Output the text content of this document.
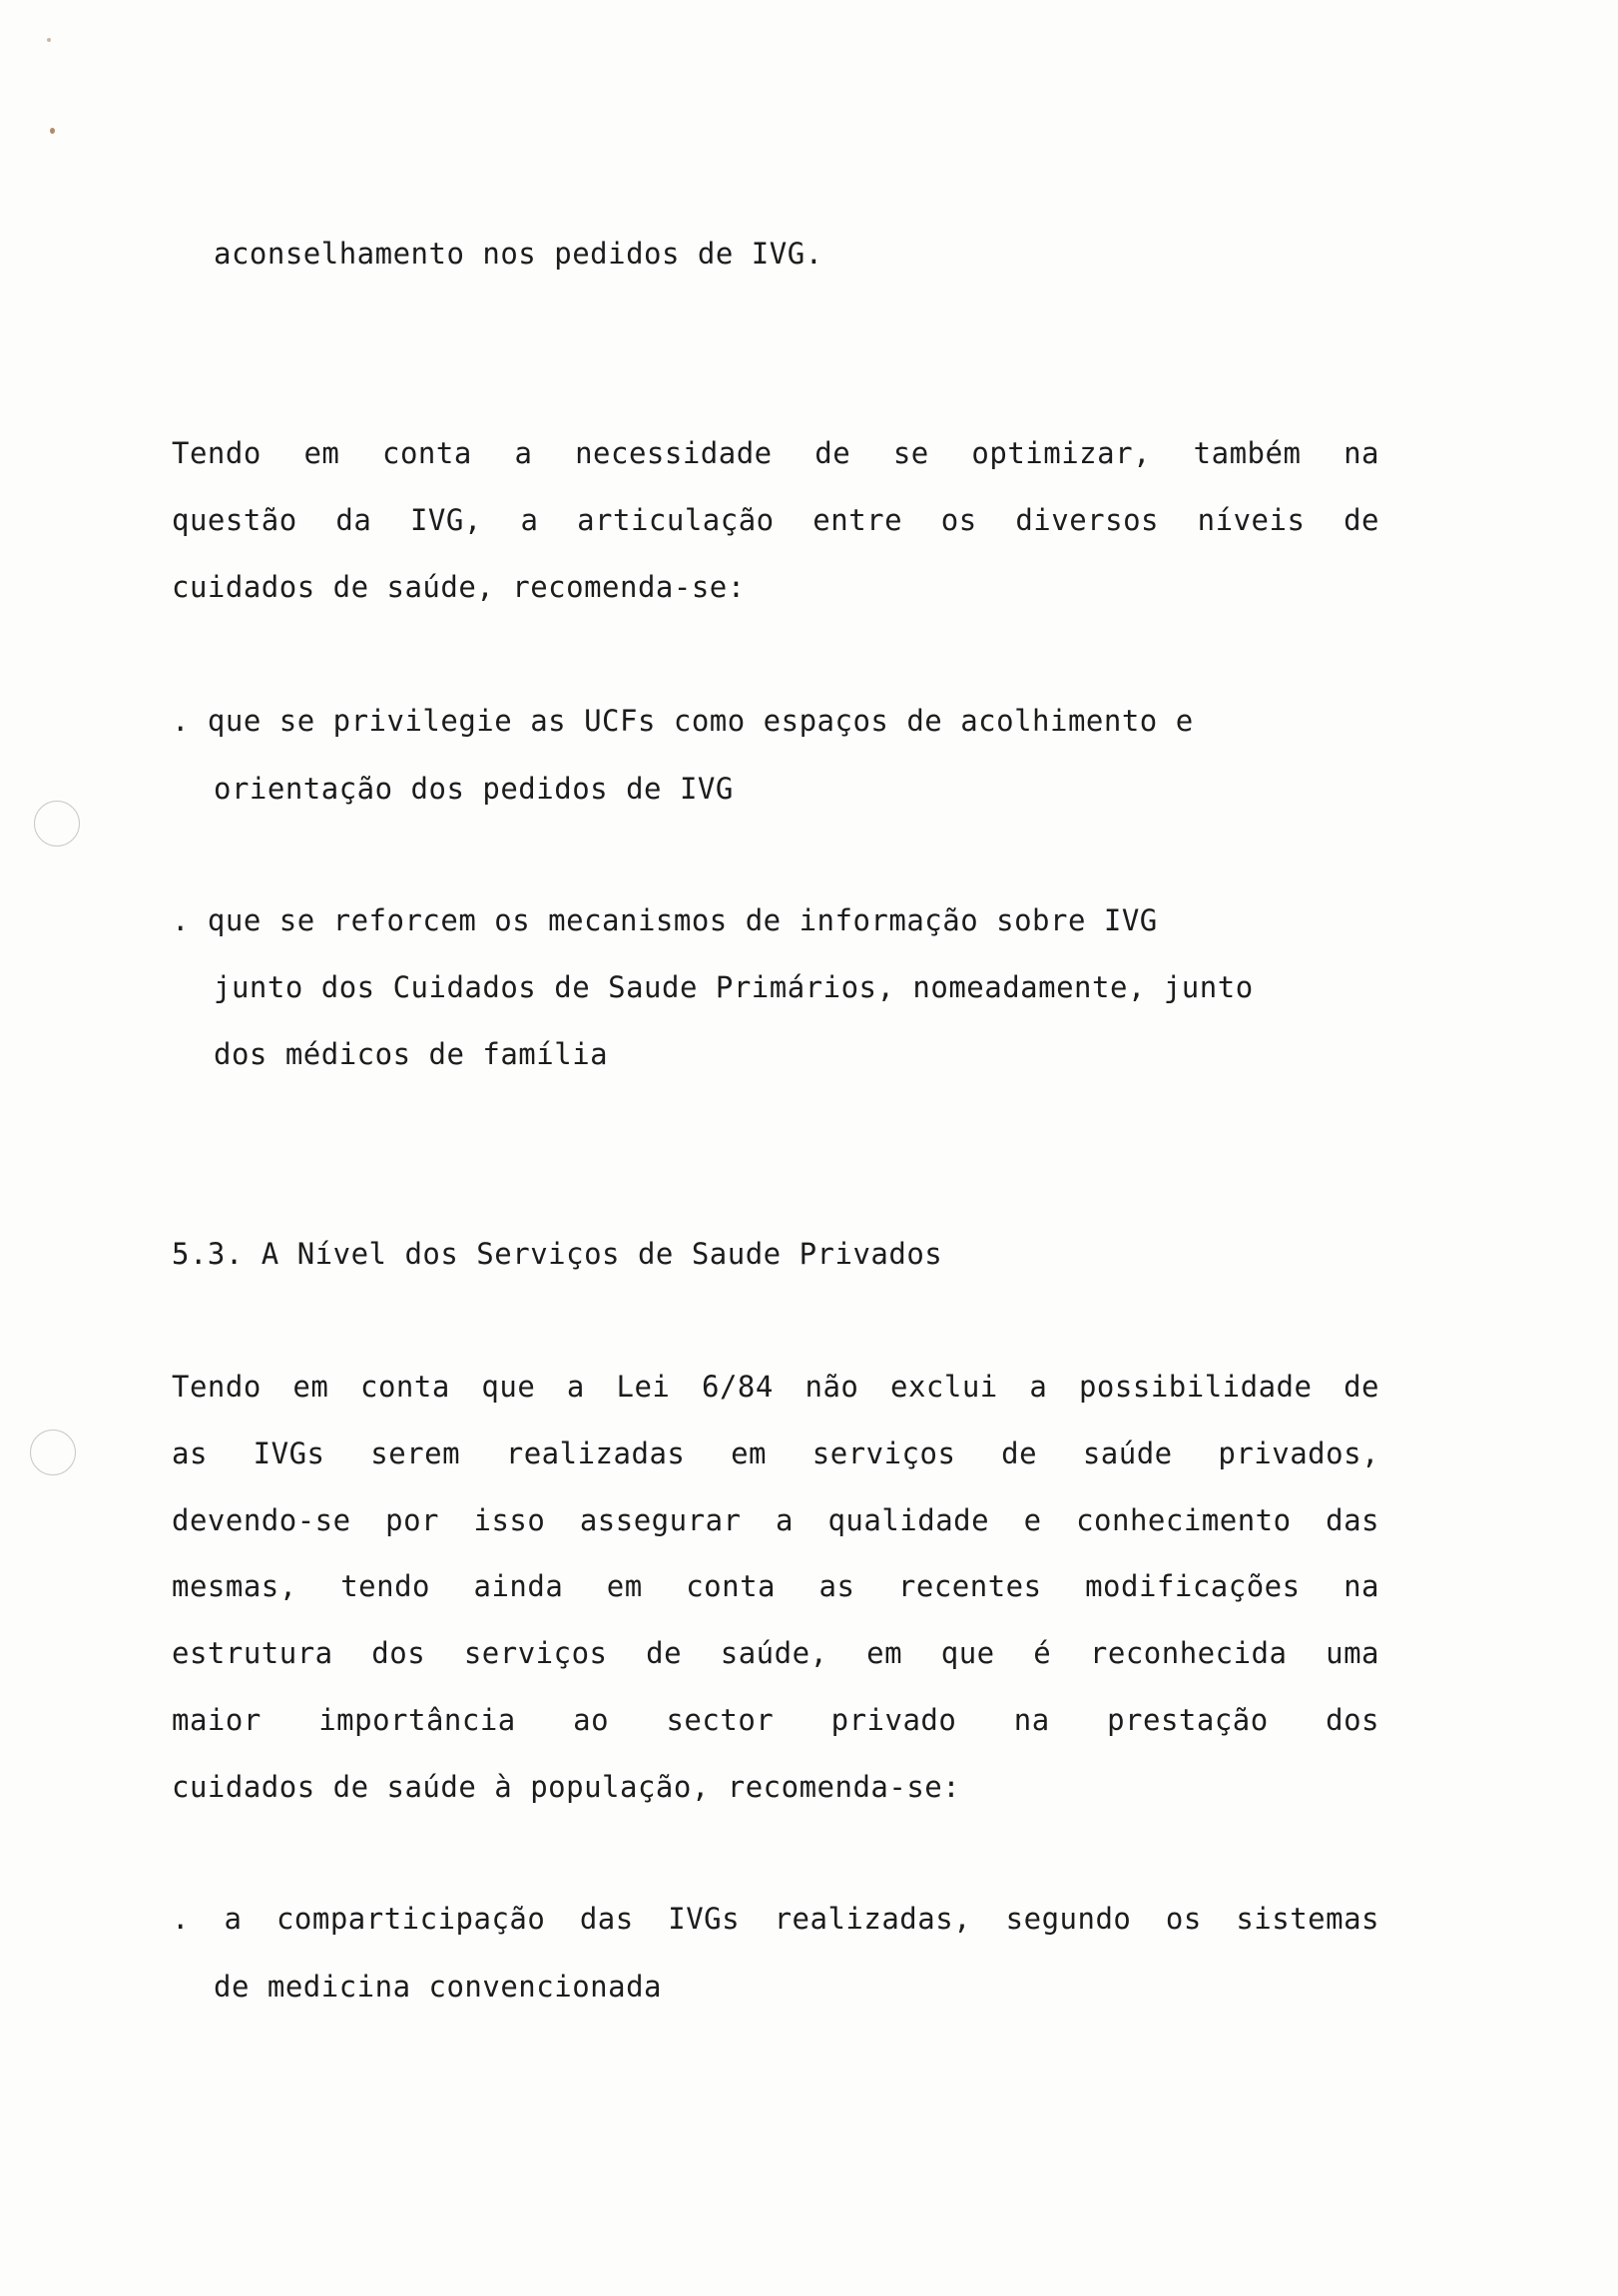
aconselhamento nos pedidos de IVG.
Tendo em conta a necessidade de se optimizar, também na
questão da IVG, a articulação entre os diversos níveis de
cuidados de saúde, recomenda-se:
. que se privilegie as UCFs como espaços de acolhimento e
orientação dos pedidos de IVG
. que se reforcem os mecanismos de informação sobre IVG
junto dos Cuidados de Saude Primários, nomeadamente, junto
dos médicos de família
5.3. A Nível dos Serviços de Saude Privados
Tendo em conta que a Lei 6/84 não exclui a possibilidade de
as IVGs serem realizadas em serviços de saúde privados,
devendo-se por isso assegurar a qualidade e conhecimento das
mesmas, tendo ainda em conta as recentes modificações na
estrutura dos serviços de saúde, em que é reconhecida uma
maior importância ao sector privado na prestação dos
cuidados de saúde à população, recomenda-se:
. a comparticipação das IVGs realizadas, segundo os sistemas
de medicina convencionada
